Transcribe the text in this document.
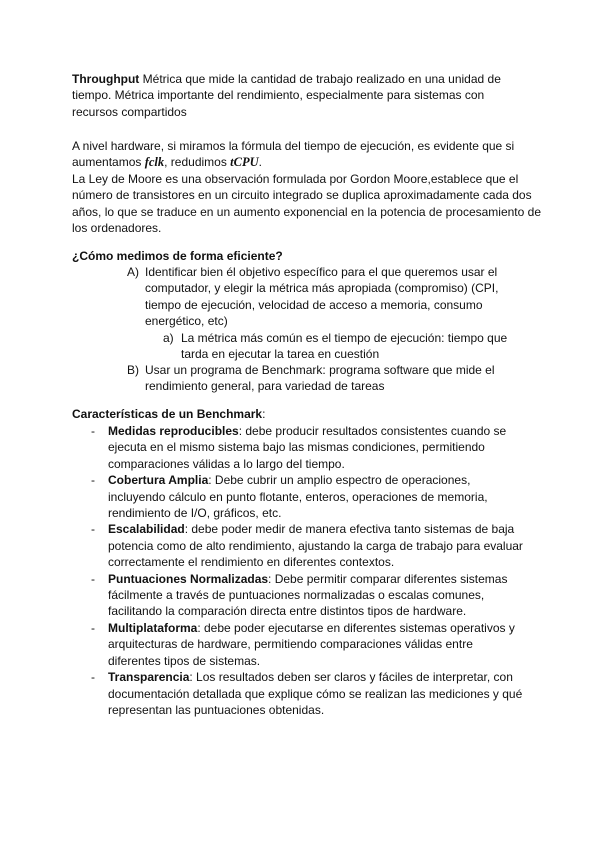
Throughput Métrica que mide la cantidad de trabajo realizado en una unidad de tiempo. Métrica importante del rendimiento, especialmente para sistemas con recursos compartidos

A nivel hardware, si miramos la fórmula del tiempo de ejecución, es evidente que si aumentamos fclk, redudimos tCPU.

La Ley de Moore es una observación formulada por Gordon Moore,establece que el número de transistores en un circuito integrado se duplica aproximadamente cada dos años, lo que se traduce en un aumento exponencial en la potencia de procesamiento de los ordenadores.

¿Cómo medimos de forma eficiente?

A) Identificar bien él objetivo específico para el que queremos usar el computador, y elegir la métrica más apropiada (compromiso) (CPI, tiempo de ejecución, velocidad de acceso a memoria, consumo energético, etc)
a) La métrica más común es el tiempo de ejecución: tiempo que tarda en ejecutar la tarea en cuestión
B) Usar un programa de Benchmark: programa software que mide el rendimiento general, para variedad de tareas

Características de un Benchmark:

- Medidas reproducibles: debe producir resultados consistentes cuando se ejecuta en el mismo sistema bajo las mismas condiciones, permitiendo comparaciones válidas a lo largo del tiempo.
- Cobertura Amplia: Debe cubrir un amplio espectro de operaciones, incluyendo cálculo en punto flotante, enteros, operaciones de memoria, rendimiento de I/O, gráficos, etc.
- Escalabilidad: debe poder medir de manera efectiva tanto sistemas de baja potencia como de alto rendimiento, ajustando la carga de trabajo para evaluar correctamente el rendimiento en diferentes contextos.
- Puntuaciones Normalizadas: Debe permitir comparar diferentes sistemas fácilmente a través de puntuaciones normalizadas o escalas comunes, facilitando la comparación directa entre distintos tipos de hardware.
- Multiplataforma: debe poder ejecutarse en diferentes sistemas operativos y arquitecturas de hardware, permitiendo comparaciones válidas entre diferentes tipos de sistemas.
- Transparencia: Los resultados deben ser claros y fáciles de interpretar, con documentación detallada que explique cómo se realizan las mediciones y qué representan las puntuaciones obtenidas.
